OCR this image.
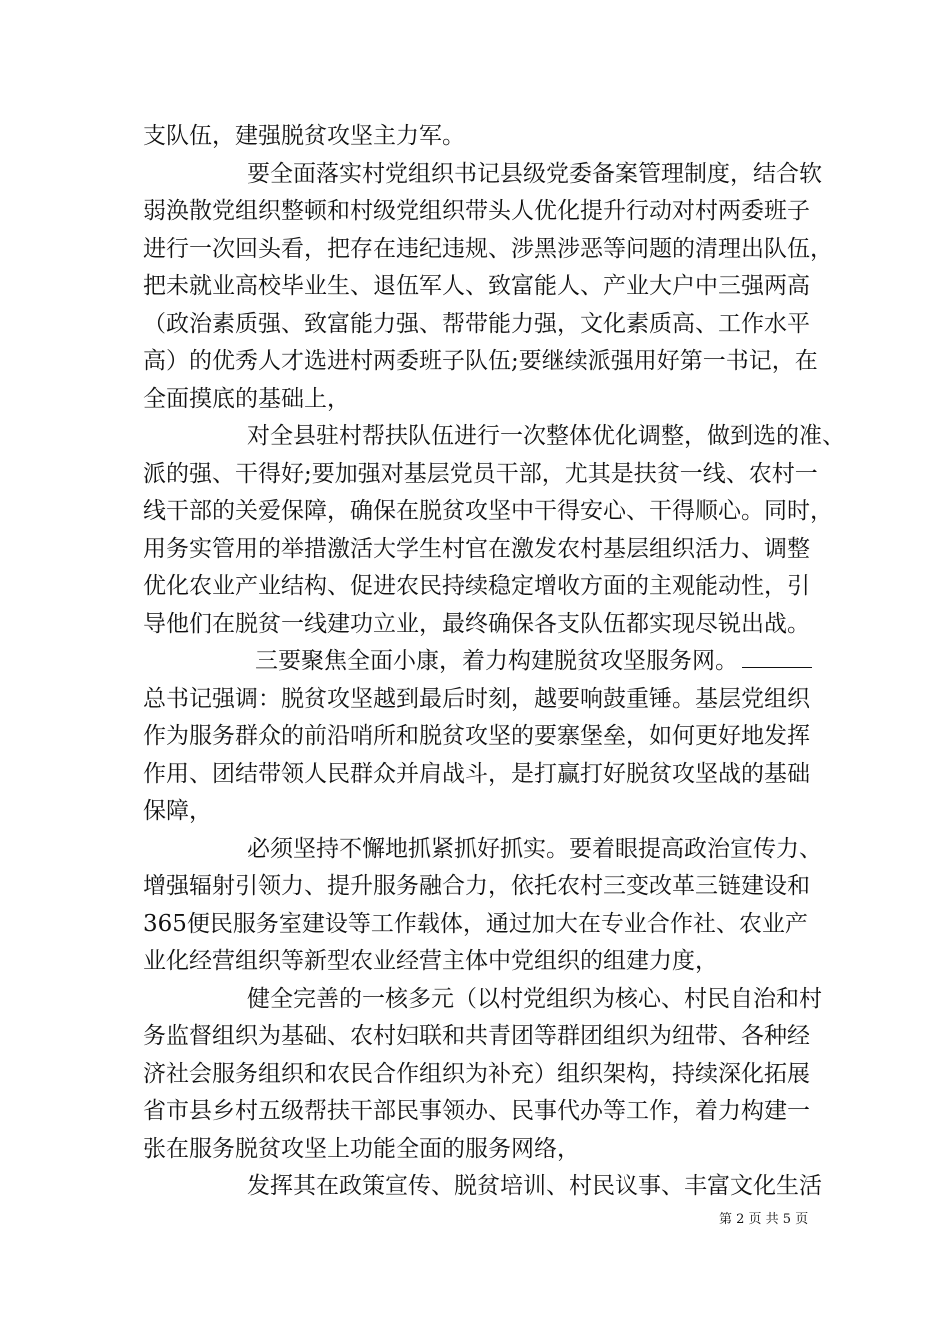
支队伍，建强脱贫攻坚主力军。
要全面落实村党组织书记县级党委备案管理制度，结合软
弱涣散党组织整顿和村级党组织带头人优化提升行动对村两委班子
进行一次回头看，把存在违纪违规、涉黑涉恶等问题的清理出队伍，
把未就业高校毕业生、退伍军人、致富能人、产业大户中三强两高
（政治素质强、致富能力强、帮带能力强，文化素质高、工作水平
高）的优秀人才选进村两委班子队伍;要继续派强用好第一书记，在
全面摸底的基础上，
对全县驻村帮扶队伍进行一次整体优化调整，做到选的准、
派的强、干得好;要加强对基层党员干部，尤其是扶贫一线、农村一
线干部的关爱保障，确保在脱贫攻坚中干得安心、干得顺心。同时，
用务实管用的举措激活大学生村官在激发农村基层组织活力、调整
优化农业产业结构、促进农民持续稳定增收方面的主观能动性，引
导他们在脱贫一线建功立业，最终确保各支队伍都实现尽锐出战。
三要聚焦全面小康，着力构建脱贫攻坚服务网。
总书记强调：脱贫攻坚越到最后时刻，越要响鼓重锤。基层党组织
作为服务群众的前沿哨所和脱贫攻坚的要寨堡垒，如何更好地发挥
作用、团结带领人民群众并肩战斗，是打赢打好脱贫攻坚战的基础
保障，
必须坚持不懈地抓紧抓好抓实。要着眼提高政治宣传力、
增强辐射引领力、提升服务融合力，依托农村三变改革三链建设和
365便民服务室建设等工作载体，通过加大在专业合作社、农业产
业化经营组织等新型农业经营主体中党组织的组建力度，
健全完善的一核多元（以村党组织为核心、村民自治和村
务监督组织为基础、农村妇联和共青团等群团组织为纽带、各种经
济社会服务组织和农民合作组织为补充）组织架构，持续深化拓展
省市县乡村五级帮扶干部民事领办、民事代办等工作，着力构建一
张在服务脱贫攻坚上功能全面的服务网络，
发挥其在政策宣传、脱贫培训、村民议事、丰富文化生活
第 2 页 共 5 页
